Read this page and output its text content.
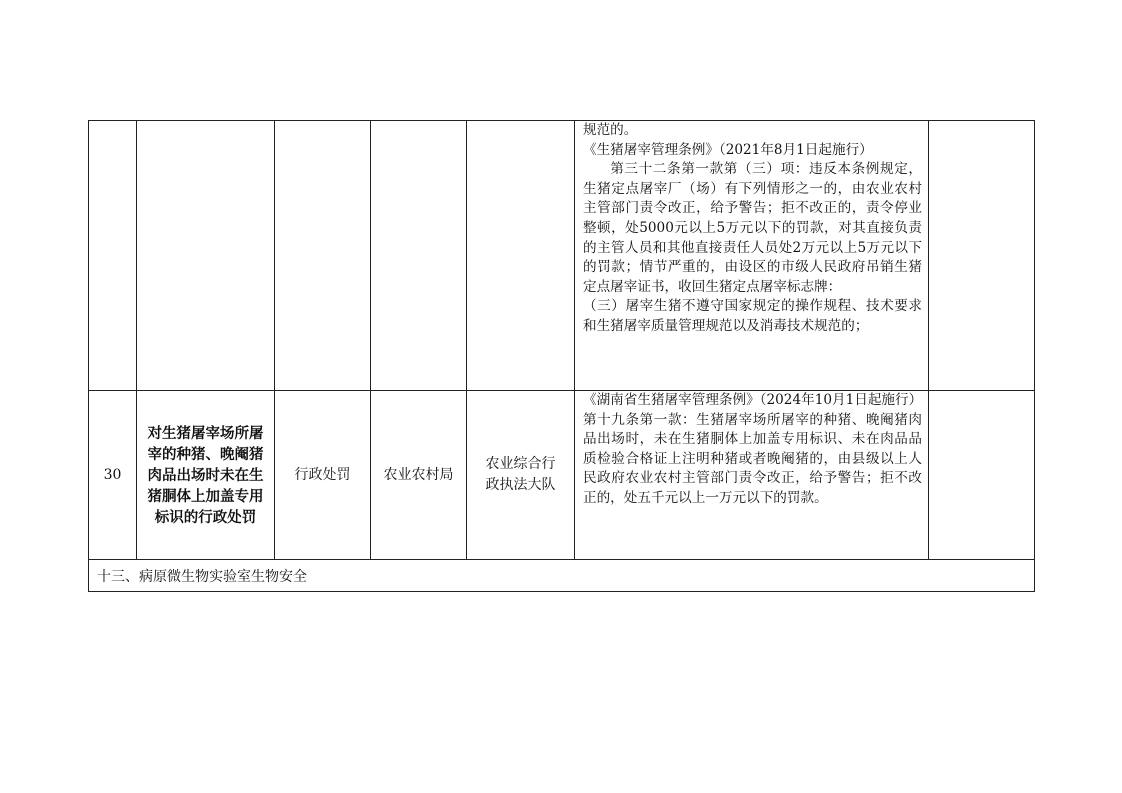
					规范的。

《生猪屠宰管理条例》（2021年8月1日起施行）

第三十二条第一款第（三）项：违反本条例规定，生猪定点屠宰厂（场）有下列情形之一的，由农业农村主管部门责令改正，给予警告；拒不改正的，责令停业整顿，处5000元以上5万元以下的罚款，对其直接负责的主管人员和其他直接责任人员处2万元以上5万元以下的罚款；情节严重的，由设区的市级人民政府吊销生猪定点屠宰证书，收回生猪定点屠宰标志牌：

（三）屠宰生猪不遵守国家规定的操作规程、技术要求和生猪屠宰质量管理规范以及消毒技术规范的；	

30	对生猪屠宰场所屠宰的种猪、晚阉猪肉品出场时未在生猪胴体上加盖专用标识的行政处罚	行政处罚	农业农村局	农业综合行政执法大队	《湖南省生猪屠宰管理条例》（2024年10月1日起施行）

第十九条第一款：生猪屠宰场所屠宰的种猪、晚阉猪肉品出场时，未在生猪胴体上加盖专用标识、未在肉品品质检验合格证上注明种猪或者晚阉猪的，由县级以上人民政府农业农村主管部门责令改正，给予警告；拒不改正的，处五千元以上一万元以下的罚款。	

十三、病原微生物实验室生物安全						
